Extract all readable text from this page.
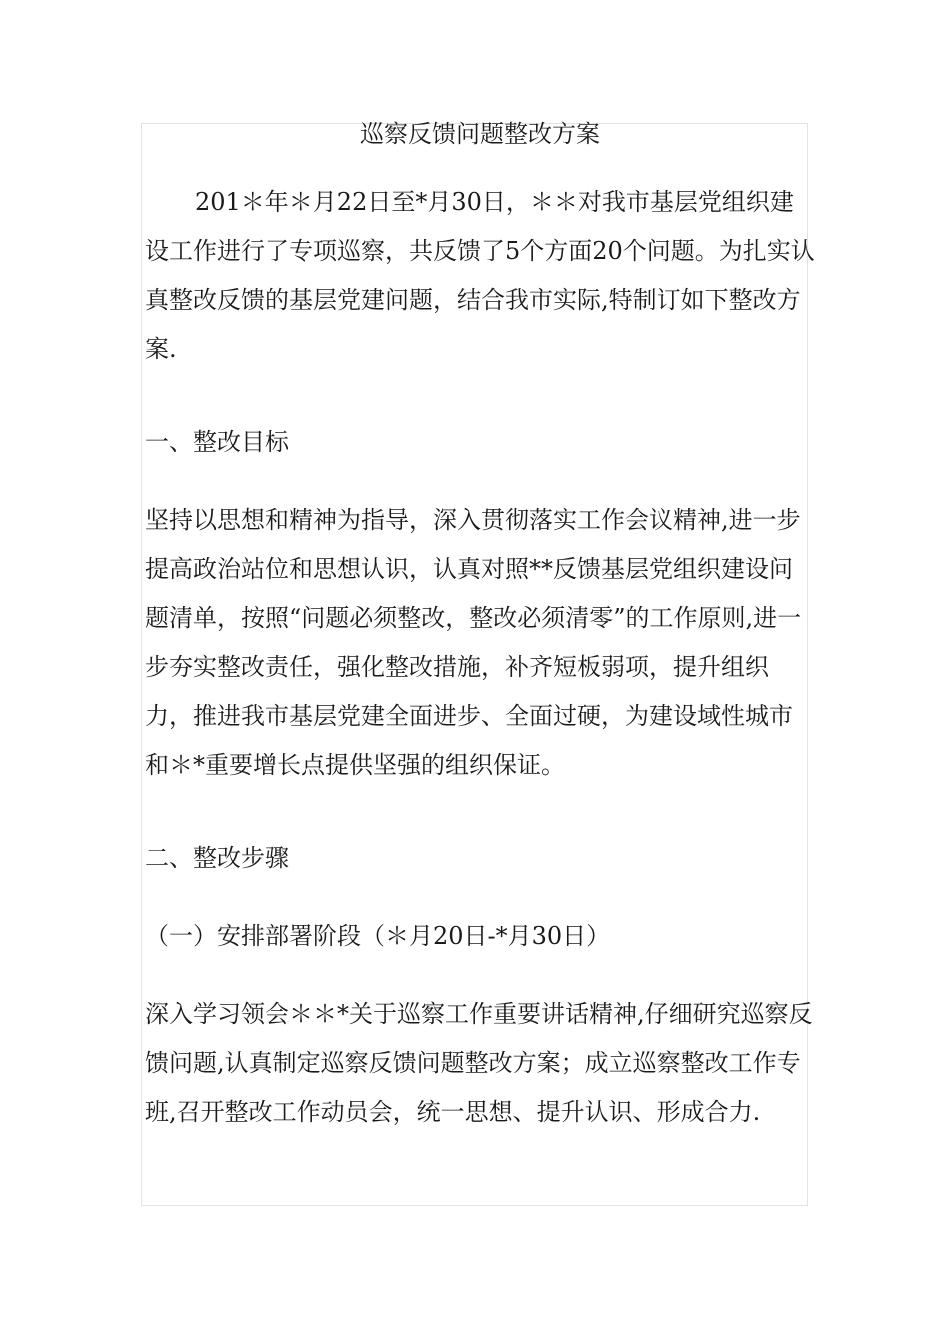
巡察反馈问题整改方案

201＊年＊月22日至*月30日，＊＊对我市基层党组织建设工作进行了专项巡察，共反馈了5个方面20个问题。为扎实认真整改反馈的基层党建问题，结合我市实际,特制订如下整改方案.

一、整改目标

坚持以思想和精神为指导，深入贯彻落实工作会议精神,进一步提高政治站位和思想认识，认真对照**反馈基层党组织建设问题清单，按照“问题必须整改，整改必须清零”的工作原则,进一步夯实整改责任，强化整改措施，补齐短板弱项，提升组织力，推进我市基层党建全面进步、全面过硬，为建设域性城市和＊*重要增长点提供坚强的组织保证。

二、整改步骤

（一）安排部署阶段（＊月20日-*月30日）

深入学习领会＊＊*关于巡察工作重要讲话精神,仔细研究巡察反馈问题,认真制定巡察反馈问题整改方案；成立巡察整改工作专班,召开整改工作动员会，统一思想、提升认识、形成合力.
